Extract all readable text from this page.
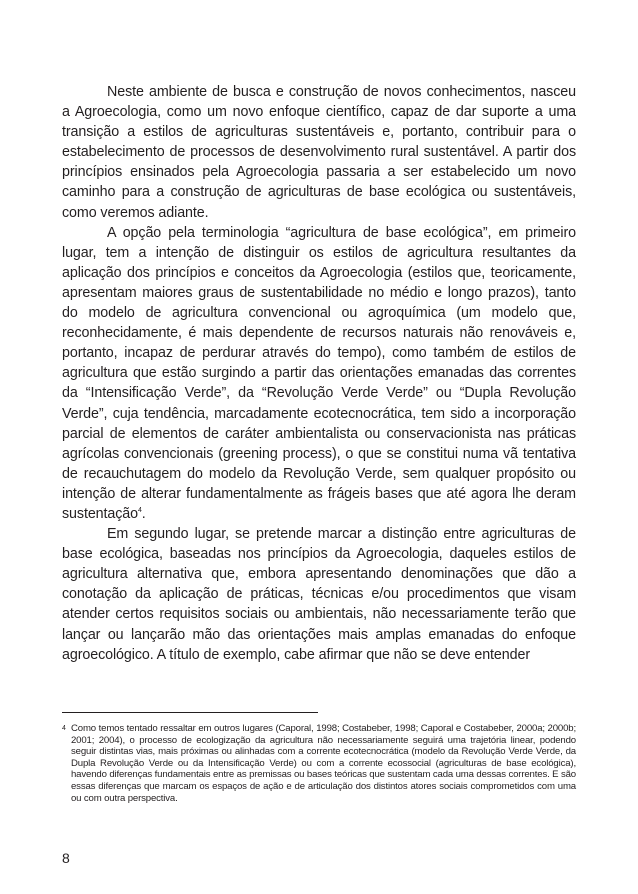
Neste ambiente de busca e construção de novos conhecimentos, nasceu a Agroecologia, como um novo enfoque científico, capaz de dar suporte a uma transição a estilos de agriculturas sustentáveis e, portanto, contribuir para o estabelecimento de processos de desenvolvimento rural sustentável. A partir dos princípios ensinados pela Agroecologia passaria a ser estabelecido um novo caminho para a construção de agriculturas de base ecológica ou sustentáveis, como veremos adiante.

A opção pela terminologia “agricultura de base ecológica”, em primeiro lugar, tem a intenção de distinguir os estilos de agricultura resultantes da aplicação dos princípios e conceitos da Agroecologia (estilos que, teoricamente, apresentam maiores graus de sustentabilidade no médio e longo prazos), tanto do modelo de agricultura convencional ou agroquímica (um modelo que, reconhecidamente, é mais dependente de recursos naturais não renováveis e, portanto, incapaz de perdurar através do tempo), como também de estilos de agricultura que estão surgindo a partir das orientações emanadas das correntes da “Intensificação Verde”, da “Revolução Verde Verde” ou “Dupla Revolução Verde”, cuja tendência, marcadamente ecotecnocrática, tem sido a incorporação parcial de elementos de caráter ambientalista ou conservacionista nas práticas agrícolas convencionais (greening process), o que se constitui numa vã tentativa de recauchutagem do modelo da Revolução Verde, sem qualquer propósito ou intenção de alterar fundamentalmente as frágeis bases que até agora lhe deram sustentação$^4$.

Em segundo lugar, se pretende marcar a distinção entre agriculturas de base ecológica, baseadas nos princípios da Agroecologia, daqueles estilos de agricultura alternativa que, embora apresentando denominações que dão a conotação da aplicação de práticas, técnicas e/ou procedimentos que visam atender certos requisitos sociais ou ambientais, não necessariamente terão que lançar ou lançarão mão das orientações mais amplas emanadas do enfoque agroecológico. A título de exemplo, cabe afirmar que não se deve entender

4 Como temos tentado ressaltar em outros lugares (Caporal, 1998; Costabeber, 1998; Caporal e Costabeber, 2000a; 2000b; 2001; 2004), o processo de ecologização da agricultura não necessariamente seguirá uma trajetória linear, podendo seguir distintas vias, mais próximas ou alinhadas com a corrente ecotecnocrática (modelo da Revolução Verde Verde, da Dupla Revolução Verde ou da Intensificação Verde) ou com a corrente ecossocial (agriculturas de base ecológica), havendo diferenças fundamentais entre as premissas ou bases teóricas que sustentam cada uma dessas correntes. E são essas diferenças que marcam os espaços de ação e de articulação dos distintos atores sociais comprometidos com uma ou com outra perspectiva.
8
